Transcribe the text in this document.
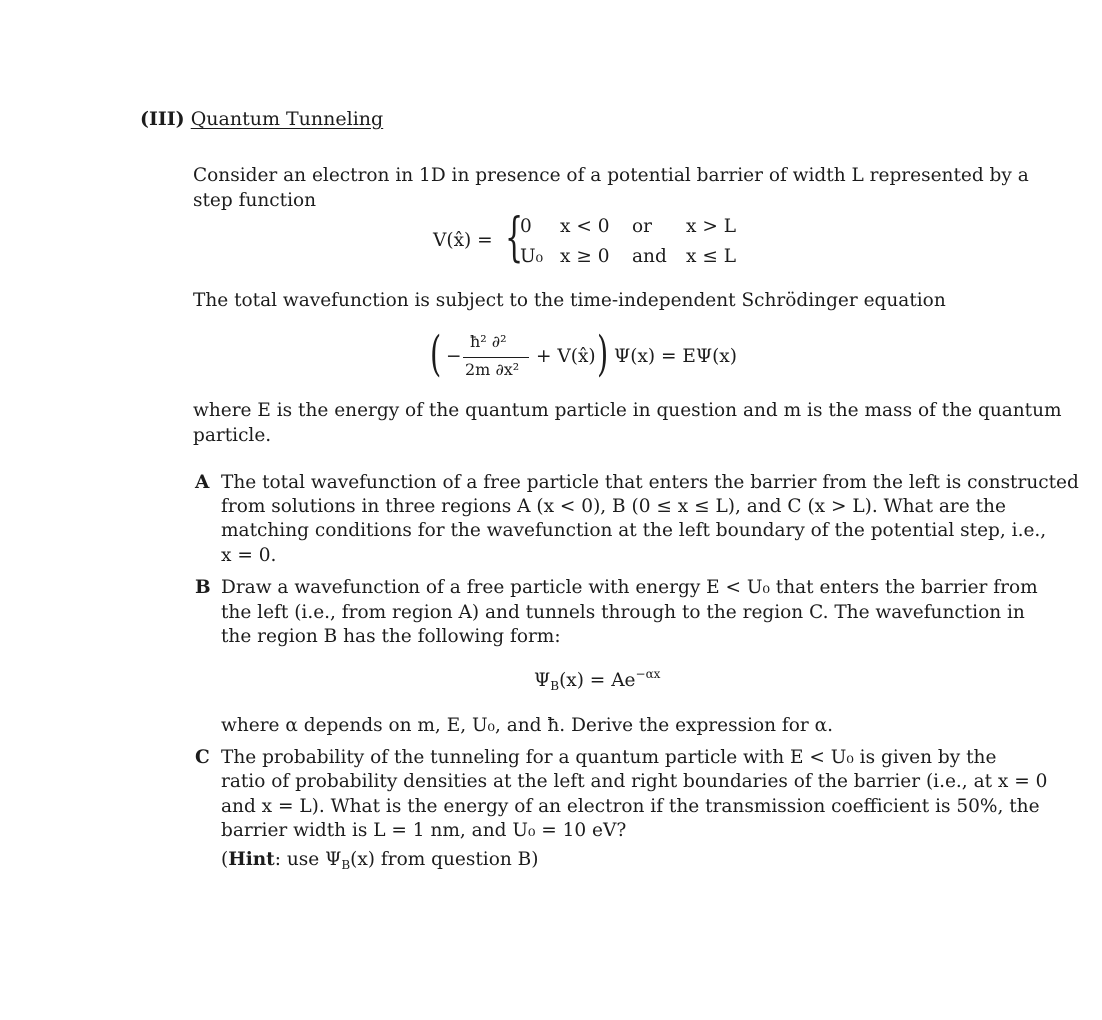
(III) Quantum Tunneling
Consider an electron in 1D in presence of a potential barrier of width L represented by a
step function
V(x̂) = {
0 x < 0 or x > L
U₀ x ≥ 0 and x ≤ L
The total wavefunction is subject to the time-independent Schrödinger equation
( −
ħ² ∂²
2m ∂x²
+ V(x̂) ) Ψ(x) = EΨ(x)
where E is the energy of the quantum particle in question and m is the mass of the quantum
particle.
A The total wavefunction of a free particle that enters the barrier from the left is constructed
from solutions in three regions A (x < 0), B (0 ≤ x ≤ L), and C (x > L). What are the
matching conditions for the wavefunction at the left boundary of the potential step, i.e.,
x = 0.
B Draw a wavefunction of a free particle with energy E < U₀ that enters the barrier from
the left (i.e., from region A) and tunnels through to the region C. The wavefunction in
the region B has the following form:
$\Psi_B(x) = Ae^{-\alpha x}$
where α depends on m, E, U₀, and ħ. Derive the expression for α.
C The probability of the tunneling for a quantum particle with E < U₀ is given by the
ratio of probability densities at the left and right boundaries of the barrier (i.e., at x = 0
and x = L). What is the energy of an electron if the transmission coefficient is 50%, the
barrier width is L = 1 nm, and U₀ = 10 eV?
(Hint: use $\Psi_B(x)$ from question B)
